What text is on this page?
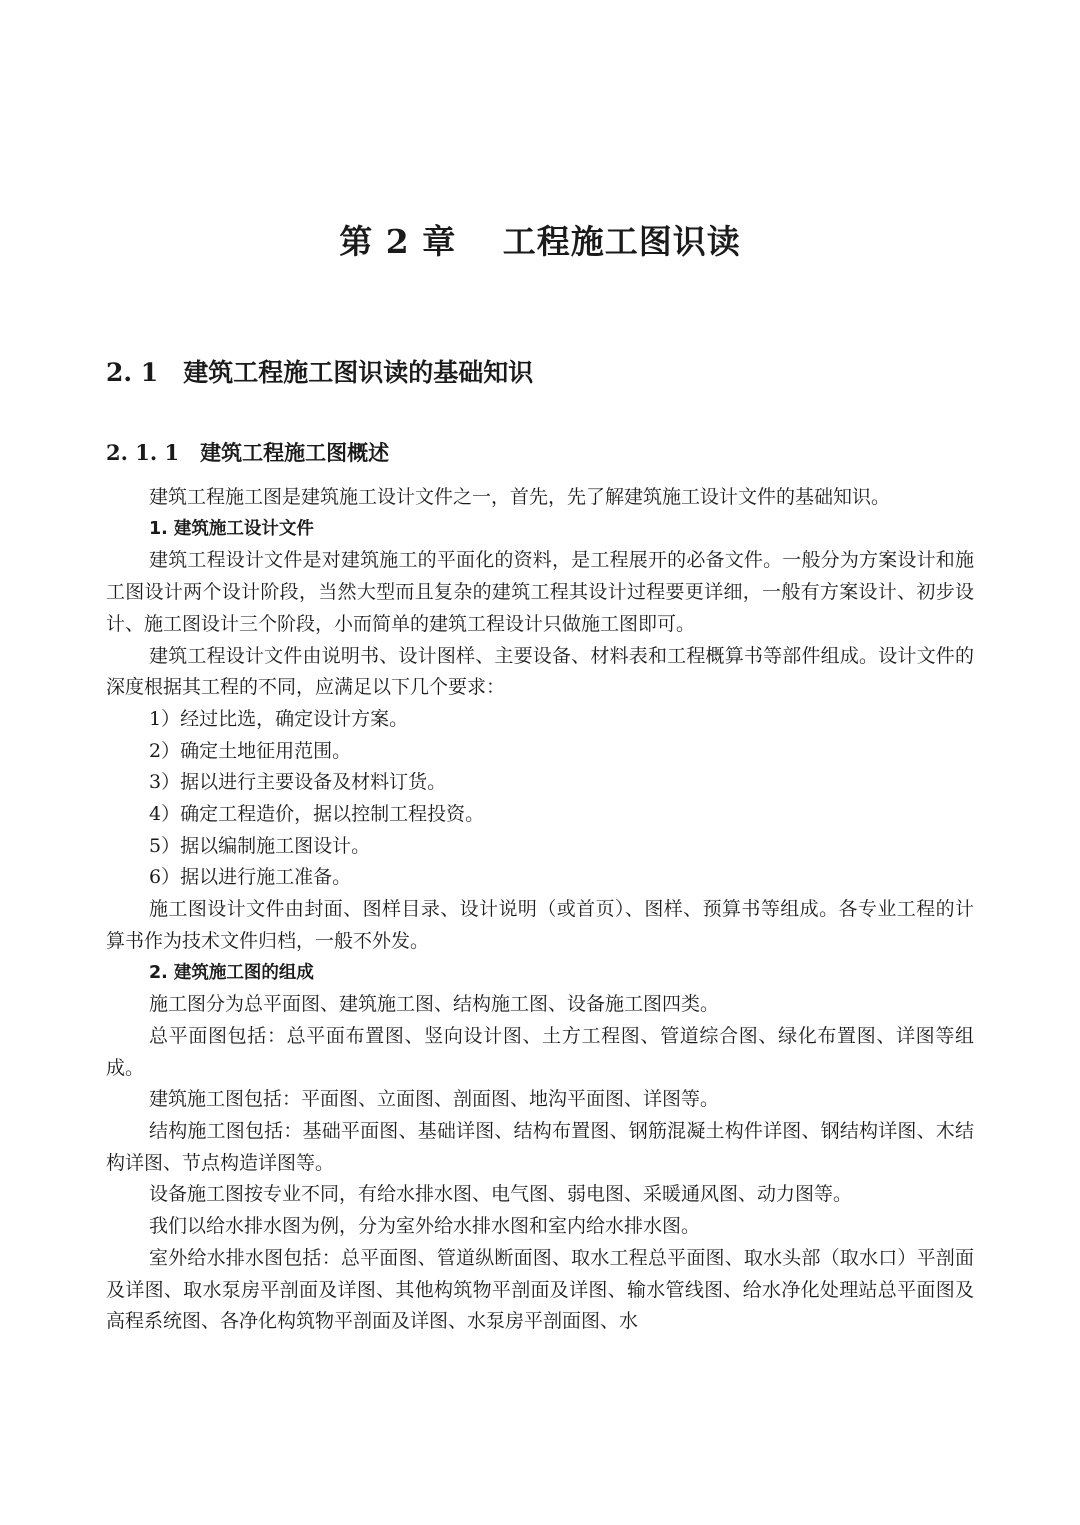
第 2 章　 工程施工图识读
2. 1　建筑工程施工图识读的基础知识
2. 1. 1　建筑工程施工图概述

建筑工程施工图是建筑施工设计文件之一，首先，先了解建筑施工设计文件的基础知识。

1. 建筑施工设计文件

建筑工程设计文件是对建筑施工的平面化的资料，是工程展开的必备文件。一般分为方案设计和施工图设计两个设计阶段，当然大型而且复杂的建筑工程其设计过程要更详细，一般有方案设计、初步设计、施工图设计三个阶段，小而简单的建筑工程设计只做施工图即可。

建筑工程设计文件由说明书、设计图样、主要设备、材料表和工程概算书等部件组成。设计文件的深度根据其工程的不同，应满足以下几个要求：

1）经过比选，确定设计方案。

2）确定土地征用范围。

3）据以进行主要设备及材料订货。

4）确定工程造价，据以控制工程投资。

5）据以编制施工图设计。

6）据以进行施工准备。

施工图设计文件由封面、图样目录、设计说明（或首页）、图样、预算书等组成。各专业工程的计算书作为技术文件归档，一般不外发。

2. 建筑施工图的组成

施工图分为总平面图、建筑施工图、结构施工图、设备施工图四类。

总平面图包括：总平面布置图、竖向设计图、土方工程图、管道综合图、绿化布置图、详图等组成。

建筑施工图包括：平面图、立面图、剖面图、地沟平面图、详图等。

结构施工图包括：基础平面图、基础详图、结构布置图、钢筋混凝土构件详图、钢结构详图、木结构详图、节点构造详图等。

设备施工图按专业不同，有给水排水图、电气图、弱电图、采暖通风图、动力图等。

我们以给水排水图为例，分为室外给水排水图和室内给水排水图。

室外给水排水图包括：总平面图、管道纵断面图、取水工程总平面图、取水头部（取水口）平剖面及详图、取水泵房平剖面及详图、其他构筑物平剖面及详图、输水管线图、给水净化处理站总平面图及高程系统图、各净化构筑物平剖面及详图、水泵房平剖面图、水
